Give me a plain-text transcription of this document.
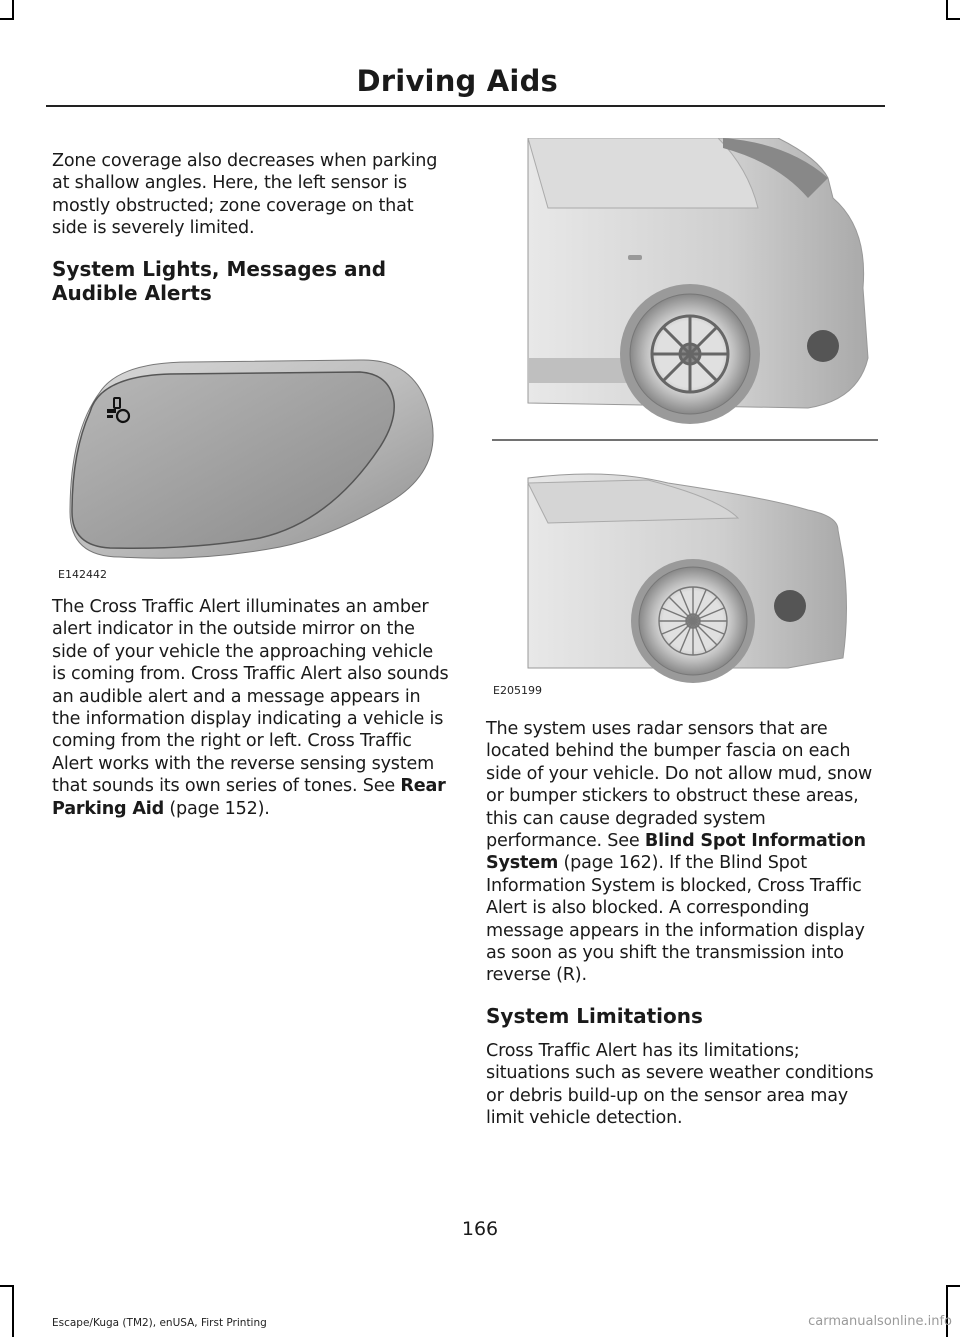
Driving Aids

Zone coverage also decreases when parking at shallow angles. Here, the left sensor is mostly obstructed; zone coverage on that side is severely limited.

System Lights, Messages and Audible Alerts
E142442

The Cross Traffic Alert illuminates an amber alert indicator in the outside mirror on the side of your vehicle the approaching vehicle is coming from. Cross Traffic Alert also sounds an audible alert and a message appears in the information display indicating a vehicle is coming from the right or left. Cross Traffic Alert works with the reverse sensing system that sounds its own series of tones. See Rear Parking Aid (page 152).

E205199

The system uses radar sensors that are located behind the bumper fascia on each side of your vehicle. Do not allow mud, snow or bumper stickers to obstruct these areas, this can cause degraded system performance. See Blind Spot Information System (page 162). If the Blind Spot Information System is blocked, Cross Traffic Alert is also blocked. A corresponding message appears in the information display as soon as you shift the transmission into reverse (R).

System Limitations

Cross Traffic Alert has its limitations; situations such as severe weather conditions or debris build-up on the sensor area may limit vehicle detection.

166
Escape/Kuga (TM2), enUSA, First Printing	carmanualsonline.info
